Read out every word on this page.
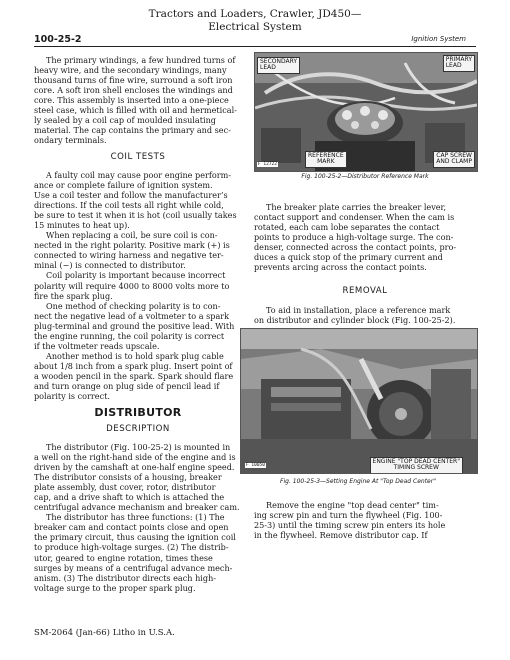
Tractors and Loaders, Crawler, JD450—
Electrical System
100-25-2	Ignition System

The primary windings, a few hundred turns of

heavy wire, and the secondary windings, many

thousand turns of fine wire, surround a soft iron

core. A soft iron shell encloses the windings and

core. This assembly is inserted into a one-piece

steel case, which is filled with oil and hermetical-

ly sealed by a coil cap of moulded insulating

material. The cap contains the primary and sec-

ondary terminals.

COIL TESTS

A faulty coil may cause poor engine perform-

ance or complete failure of ignition system.

Use a coil tester and follow the manufacturer’s

directions. If the coil tests all right while cold,

be sure to test it when it is hot (coil usually takes

15 minutes to heat up).

When replacing a coil, be sure coil is con-

nected in the right polarity. Positive mark (+) is

connected to wiring harness and negative ter-

minal (−) is connected to distributor.

Coil polarity is important because incorrect

polarity will require 4000 to 8000 volts more to

fire the spark plug.

One method of checking polarity is to con-

nect the negative lead of a voltmeter to a spark

plug-terminal and ground the positive lead. With

the engine running, the coil polarity is correct

if the voltmeter reads upscale.

Another method is to hold spark plug cable

about 1/8 inch from a spark plug. Insert point of

a wooden pencil in the spark. Spark should flare

and turn orange on plug side of pencil lead if

polarity is correct.

DISTRIBUTOR
DESCRIPTION

The distributor (Fig. 100-25-2) is mounted in

a well on the right-hand side of the engine and is

driven by the camshaft at one-half engine speed.

The distributor consists of a housing, breaker

plate assembly, dust cover, rotor, distributor

cap, and a drive shaft to which is attached the

centrifugal advance mechanism and breaker cam.

The distributor has three functions: (1) The

breaker cam and contact points close and open

the primary circuit, thus causing the ignition coil

to produce high-voltage surges. (2) The distrib-

utor, geared to engine rotation, times these

surges by means of a centrifugal advance mech-

anism. (3) The distributor directs each high-

voltage surge to the proper spark plug.

SECONDARY
LEAD
PRIMARY
LEAD
REFERENCE
MARK
CAP SCREW
AND CLAMP
F 12722
Fig. 100-25-2—Distributor Reference Mark

The breaker plate carries the breaker lever,

contact support and condenser. When the cam is

rotated, each cam lobe separates the contact

points to produce a high-voltage surge. The con-

denser, connected across the contact points, pro-

duces a quick stop of the primary current and

prevents arcing across the contact points.

REMOVAL

To aid in installation, place a reference mark

on distributor and cylinder block (Fig. 100-25-2).

ENGINE "TOP DEAD CENTER"
TIMING SCREW
F 10050
Fig. 100-25-3—Setting Engine At "Top Dead Center"

Remove the engine "top dead center" tim-

ing screw pin and turn the flywheel (Fig. 100-

25-3) until the timing screw pin enters its hole

in the flywheel. Remove distributor cap. If

SM-2064 (Jan-66) Litho in U.S.A.
